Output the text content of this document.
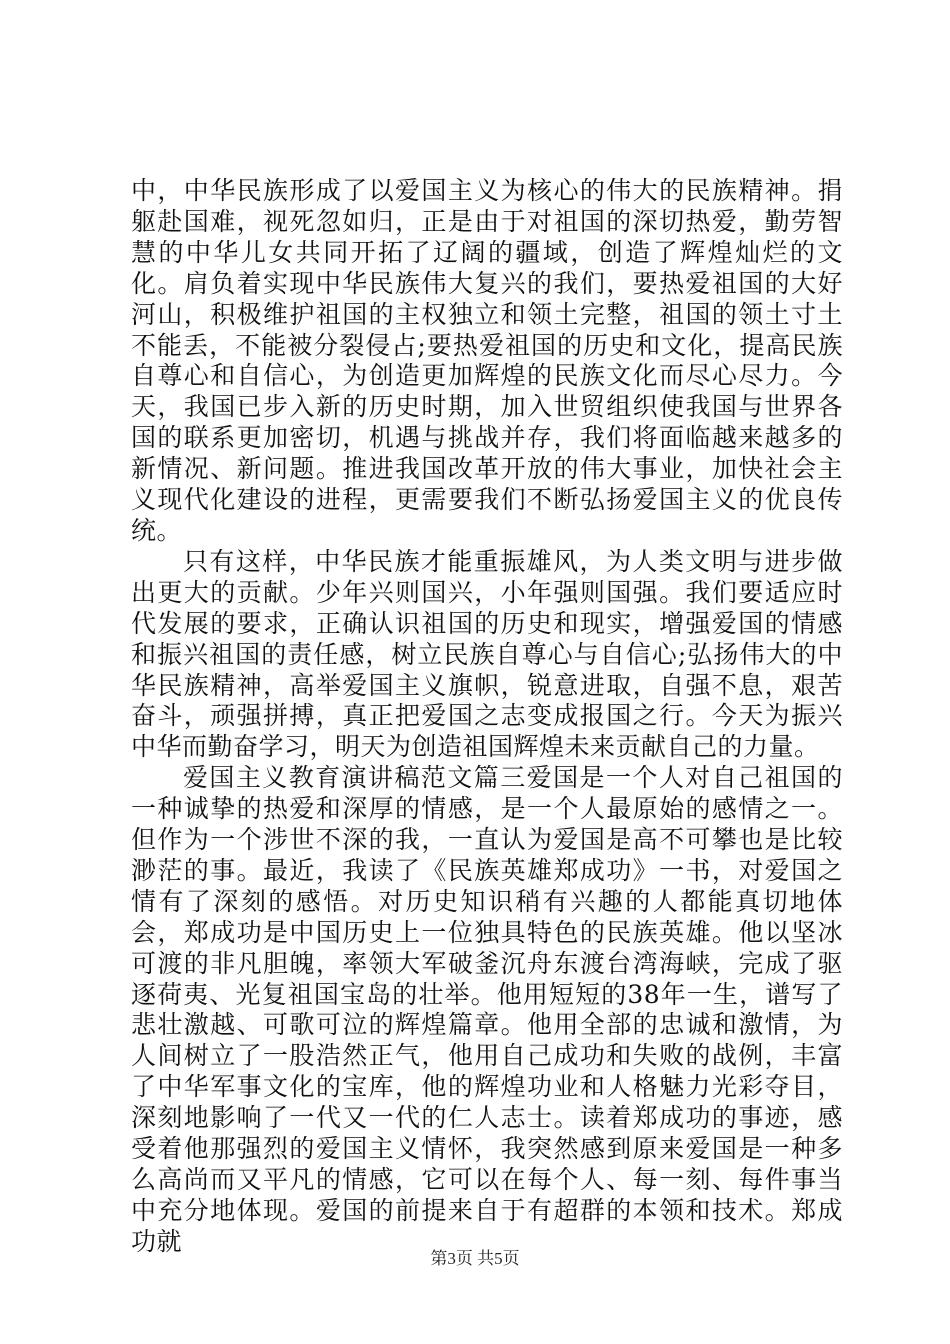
中，中华民族形成了以爱国主义为核心的伟大的民族精神。捐躯赴国难，视死忽如归，正是由于对祖国的深切热爱，勤劳智慧的中华儿女共同开拓了辽阔的疆域，创造了辉煌灿烂的文化。肩负着实现中华民族伟大复兴的我们，要热爱祖国的大好河山，积极维护祖国的主权独立和领土完整，祖国的领土寸土不能丢，不能被分裂侵占;要热爱祖国的历史和文化，提高民族自尊心和自信心，为创造更加辉煌的民族文化而尽心尽力。今天，我国已步入新的历史时期，加入世贸组织使我国与世界各国的联系更加密切，机遇与挑战并存，我们将面临越来越多的新情况、新问题。推进我国改革开放的伟大事业，加快社会主义现代化建设的进程，更需要我们不断弘扬爱国主义的优良传统。

只有这样，中华民族才能重振雄风，为人类文明与进步做出更大的贡献。少年兴则国兴，小年强则国强。我们要适应时代发展的要求，正确认识祖国的历史和现实，增强爱国的情感和振兴祖国的责任感，树立民族自尊心与自信心;弘扬伟大的中华民族精神，高举爱国主义旗帜，锐意进取，自强不息，艰苦奋斗，顽强拼搏，真正把爱国之志变成报国之行。今天为振兴中华而勤奋学习，明天为创造祖国辉煌未来贡献自己的力量。

爱国主义教育演讲稿范文篇三爱国是一个人对自己祖国的一种诚挚的热爱和深厚的情感，是一个人最原始的感情之一。但作为一个涉世不深的我，一直认为爱国是高不可攀也是比较渺茫的事。最近，我读了《民族英雄郑成功》一书，对爱国之情有了深刻的感悟。对历史知识稍有兴趣的人都能真切地体会，郑成功是中国历史上一位独具特色的民族英雄。他以坚冰可渡的非凡胆魄，率领大军破釜沉舟东渡台湾海峡，完成了驱逐荷夷、光复祖国宝岛的壮举。他用短短的38年一生，谱写了悲壮激越、可歌可泣的辉煌篇章。他用全部的忠诚和激情，为人间树立了一股浩然正气，他用自己成功和失败的战例，丰富了中华军事文化的宝库，他的辉煌功业和人格魅力光彩夺目，深刻地影响了一代又一代的仁人志士。读着郑成功的事迹，感受着他那强烈的爱国主义情怀，我突然感到原来爱国是一种多么高尚而又平凡的情感，它可以在每个人、每一刻、每件事当中充分地体现。爱国的前提来自于有超群的本领和技术。郑成功就

第3页 共5页
